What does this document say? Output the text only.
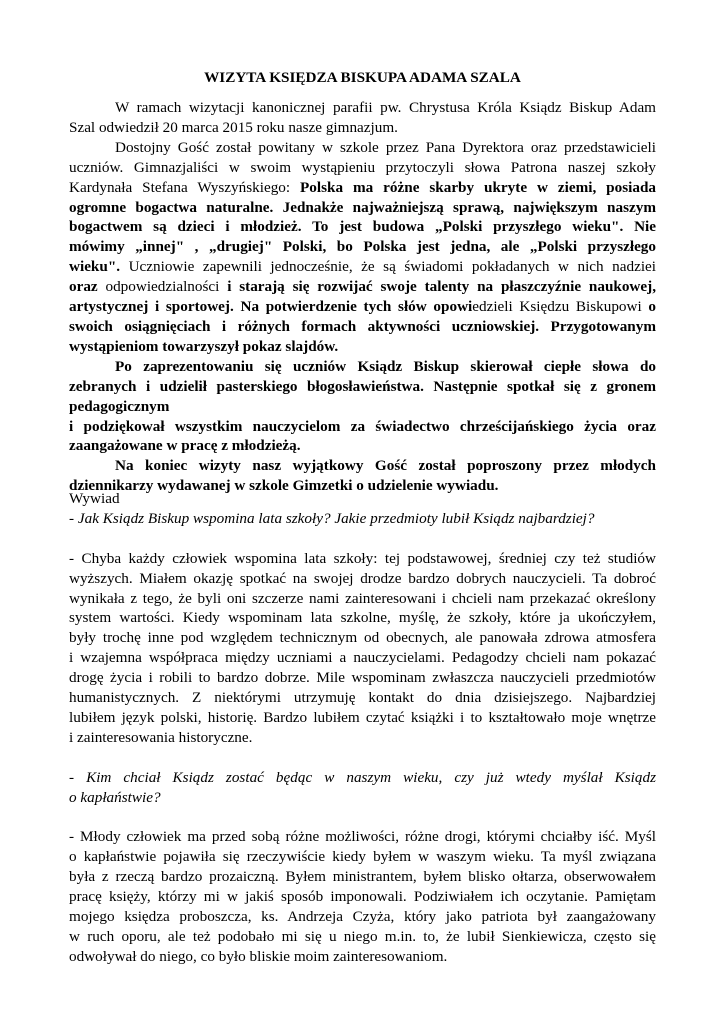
WIZYTA KSIĘDZA BISKUPA ADAMA SZALA
W ramach wizytacji kanonicznej parafii pw. Chrystusa Króla Ksiądz Biskup Adam
Szal odwiedził 20 marca 2015 roku nasze gimnazjum.
Dostojny Gość został powitany w szkole przez Pana Dyrektora oraz przedstawicieli
uczniów. Gimnazjaliści w swoim wystąpieniu przytoczyli słowa Patrona naszej szkoły
Kardynała Stefana Wyszyńskiego: Polska ma różne skarby ukryte w ziemi, posiada
ogromne bogactwa naturalne. Jednakże najważniejszą sprawą, największym naszym
bogactwem są dzieci i młodzież. To jest budowa „Polski przyszłego wieku". Nie
mówimy „innej" , „drugiej" Polski, bo Polska jest jedna, ale „Polski przyszłego
wieku". Uczniowie zapewnili jednocześnie, że są świadomi pokładanych w nich nadziei
oraz odpowiedzialności i starają się rozwijać swoje talenty na płaszczyźnie naukowej,
artystycznej i sportowej. Na potwierdzenie tych słów opowiedzieli Księdzu Biskupowi o
swoich osiągnięciach i różnych formach aktywności uczniowskiej. Przygotowanym
wystąpieniom towarzyszył pokaz slajdów.
Po zaprezentowaniu się uczniów Ksiądz Biskup skierował ciepłe słowa do
zebranych i udzielił pasterskiego błogosławieństwa. Następnie spotkał się z gronem
pedagogicznym
i podziękował wszystkim nauczycielom za świadectwo chrześcijańskiego życia oraz
zaangażowane w pracę z młodzieżą.
Na koniec wizyty nasz wyjątkowy Gość został poproszony przez młodych
dziennikarzy wydawanej w szkole Gimzetki o udzielenie wywiadu.
Wywiad
- Jak Ksiądz Biskup wspomina lata szkoły? Jakie przedmioty lubił Ksiądz najbardziej?
- Chyba każdy człowiek wspomina lata szkoły: tej podstawowej, średniej czy też studiów
wyższych. Miałem okazję spotkać na swojej drodze bardzo dobrych nauczycieli. Ta dobroć
wynikała z tego, że byli oni szczerze nami zainteresowani i chcieli nam przekazać określony
system wartości. Kiedy wspominam lata szkolne, myślę, że szkoły, które ja ukończyłem,
były trochę inne pod względem technicznym od obecnych, ale panowała zdrowa atmosfera
i wzajemna współpraca między uczniami a nauczycielami. Pedagodzy chcieli nam pokazać
drogę życia i robili to bardzo dobrze. Mile wspominam zwłaszcza nauczycieli przedmiotów
humanistycznych. Z niektórymi utrzymuję kontakt do dnia dzisiejszego. Najbardziej
lubiłem język polski, historię. Bardzo lubiłem czytać książki i to kształtowało moje wnętrze
i zainteresowania historyczne.
- Kim chciał Ksiądz zostać będąc w naszym wieku, czy już wtedy myślał Ksiądz
o kapłaństwie?
- Młody człowiek ma przed sobą różne możliwości, różne drogi, którymi chciałby iść. Myśl
o kapłaństwie pojawiła się rzeczywiście kiedy byłem w waszym wieku. Ta myśl związana
była z rzeczą bardzo prozaiczną. Byłem ministrantem, byłem blisko ołtarza, obserwowałem
pracę księży, którzy mi w jakiś sposób imponowali. Podziwiałem ich oczytanie. Pamiętam
mojego księdza proboszcza, ks. Andrzeja Czyża, który jako patriota był zaangażowany
w ruch oporu, ale też podobało mi się u niego m.in. to, że lubił Sienkiewicza, często się
odwoływał do niego, co było bliskie moim zainteresowaniom.
